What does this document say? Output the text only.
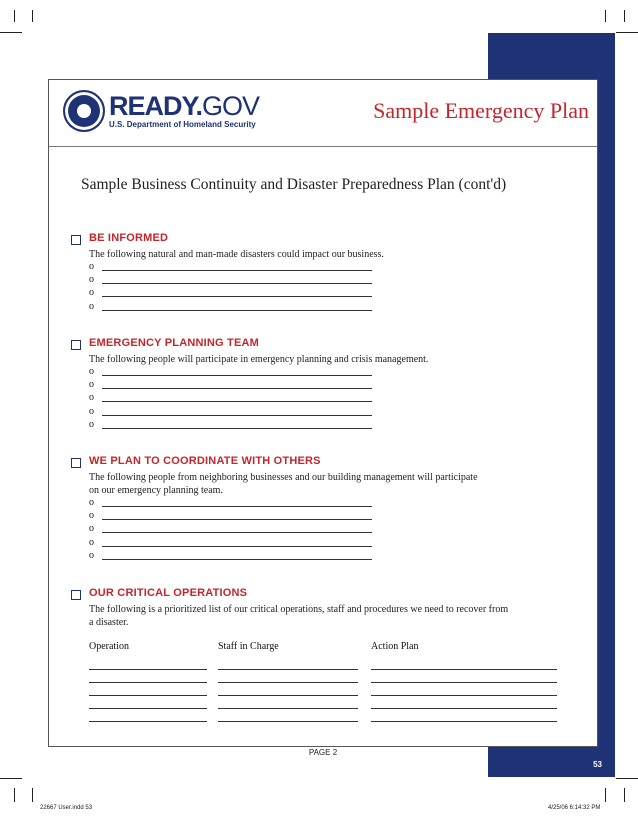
53
READY.GOV
U.S. Department of Homeland Security
Sample Emergency Plan
Sample Business Continuity and Disaster Preparedness Plan (cont'd)
BE INFORMED
The following natural and man-made disasters could impact our business.
o
o
o
o
EMERGENCY PLANNING TEAM
The following people will participate in emergency planning and crisis management.
o
o
o
o
o
WE PLAN TO COORDINATE WITH OTHERS
The following people from neighboring businesses and our building management will participate on our emergency planning team.
o
o
o
o
o
OUR CRITICAL OPERATIONS
The following is a prioritized list of our critical operations, staff and procedures we need to recover from a disaster.
Operation	Staff in Charge	Action Plan
PAGE 2
22667 User.indd 53	4/25/06 6:14:32 PM
